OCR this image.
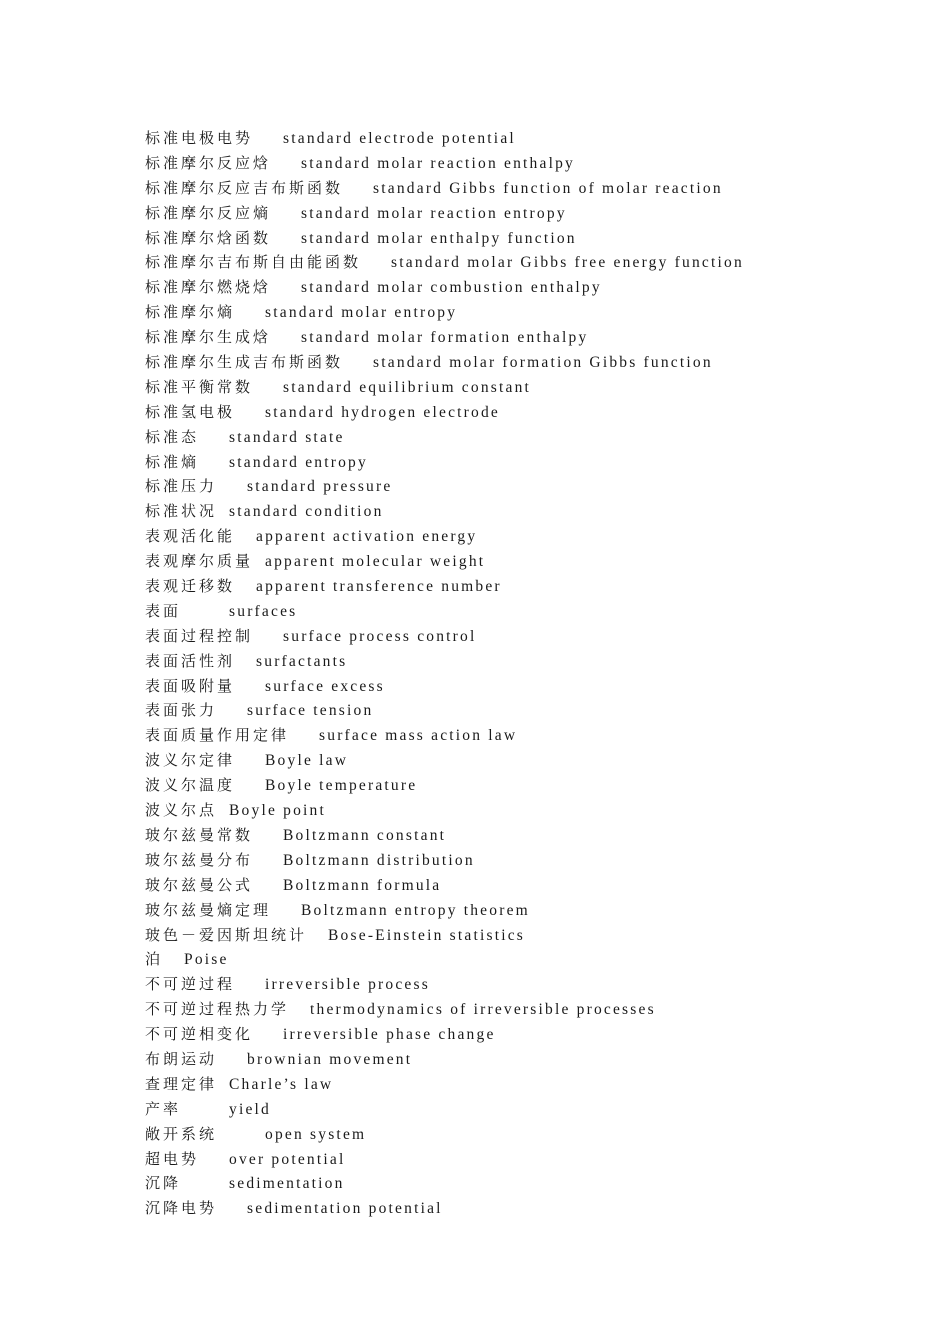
标准电极电势 standard electrode potential
标准摩尔反应焓 standard molar reaction enthalpy
标准摩尔反应吉布斯函数 standard Gibbs function of molar reaction
标准摩尔反应熵 standard molar reaction entropy
标准摩尔焓函数 standard molar enthalpy function
标准摩尔吉布斯自由能函数 standard molar Gibbs free energy function
标准摩尔燃烧焓 standard molar combustion enthalpy
标准摩尔熵 standard molar entropy
标准摩尔生成焓 standard molar formation enthalpy
标准摩尔生成吉布斯函数 standard molar formation Gibbs function
标准平衡常数 standard equilibrium constant
标准氢电极 standard hydrogen electrode
标准态 standard state
标准熵 standard entropy
标准压力 standard pressure
标准状况 standard condition
表观活化能 apparent activation energy
表观摩尔质量 apparent molecular weight
表观迁移数 apparent transference number
表面	surfaces
表面过程控制 surface process control
表面活性剂 surfactants
表面吸附量 surface excess
表面张力 surface tension
表面质量作用定律 surface mass action law
波义尔定律 Boyle law
波义尔温度 Boyle temperature
波义尔点 Boyle point
玻尔兹曼常数 Boltzmann constant
玻尔兹曼分布 Boltzmann distribution
玻尔兹曼公式 Boltzmann formula
玻尔兹曼熵定理 Boltzmann entropy theorem
玻色－爱因斯坦统计 Bose-Einstein statistics
泊 Poise
不可逆过程 irreversible process
不可逆过程热力学 thermodynamics of irreversible processes
不可逆相变化 irreversible phase change
布朗运动 brownian movement
查理定律 Charle’s law
产率	yield
敞开系统	open system
超电势 over potential
沉降	sedimentation
沉降电势 sedimentation potential
